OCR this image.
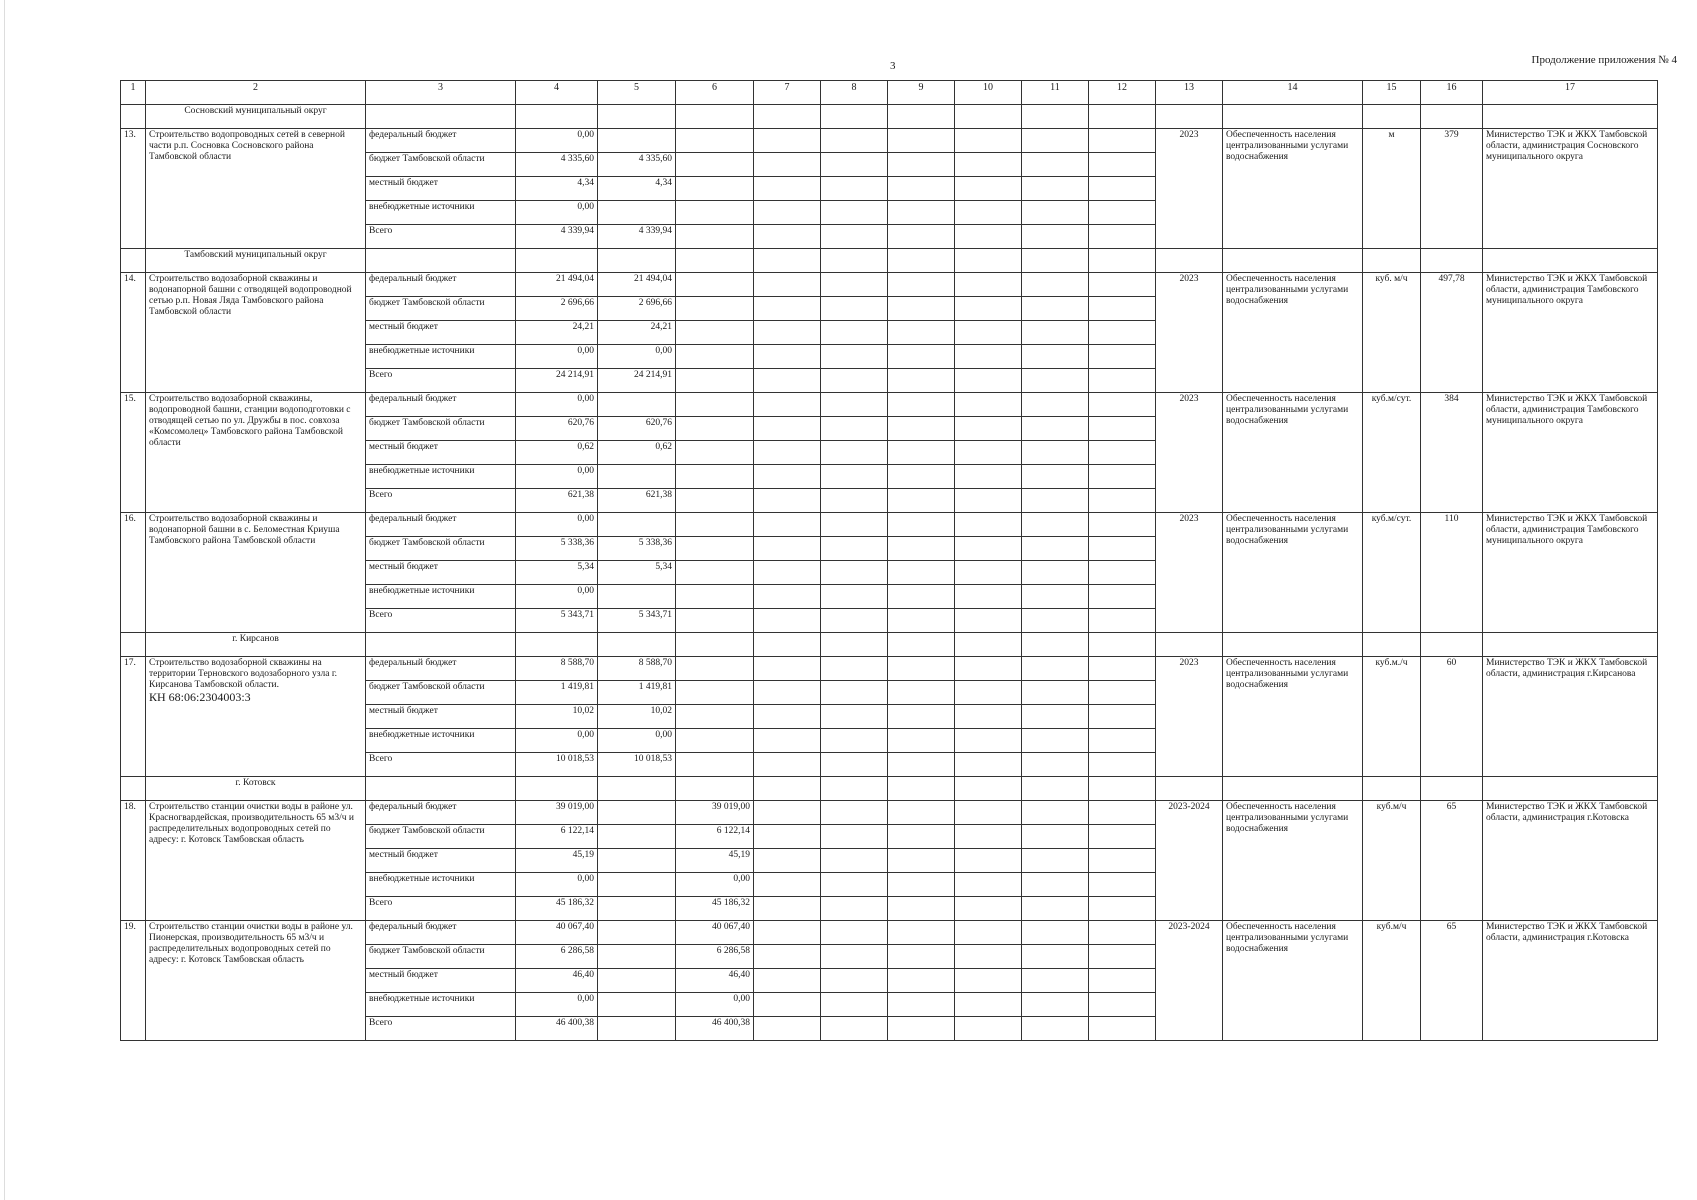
3	Продолжение приложения № 4
1	2	3	4	5	6	7	8	9	10	11	12	13	14	15	16	17
	Сосновский муниципальный округ															
13.	Строительство водопроводных сетей в северной части р.п. Сосновка Сосновского района Тамбовской области	федеральный бюджет	0,00									2023	Обеспеченность населения централизованными услугами водоснабжения	м	379	Министерство ТЭК и ЖКХ Тамбовской области, администрация Сосновского муниципального округа
		бюджет Тамбовской области	4 335,60	4 335,60												
		местный бюджет	4,34	4,34												
		внебюджетные источники	0,00													
		Всего	4 339,94	4 339,94												
	Тамбовский муниципальный округ															
14.	Строительство водозаборной скважины и водонапорной башни с отводящей водопроводной сетью р.п. Новая Ляда Тамбовского района Тамбовской области	федеральный бюджет	21 494,04	21 494,04								2023	Обеспеченность населения централизованными услугами водоснабжения	куб. м/ч	497,78	Министерство ТЭК и ЖКХ Тамбовской области, администрация Тамбовского муниципального округа
		бюджет Тамбовской области	2 696,66	2 696,66												
		местный бюджет	24,21	24,21												
		внебюджетные источники	0,00	0,00												
		Всего	24 214,91	24 214,91												
15.	Строительство водозаборной скважины, водопроводной башни, станции водоподготовки с отводящей сетью по ул. Дружбы в пос. совхоза «Комсомолец» Тамбовского района Тамбовской области	федеральный бюджет	0,00									2023	Обеспеченность населения централизованными услугами водоснабжения	куб.м/сут.	384	Министерство ТЭК и ЖКХ Тамбовской области, администрация Тамбовского муниципального округа
		бюджет Тамбовской области	620,76	620,76												
		местный бюджет	0,62	0,62												
		внебюджетные источники	0,00													
		Всего	621,38	621,38												
16.	Строительство водозаборной скважины и водонапорной башни в с. Беломестная Криуша Тамбовского района Тамбовской области	федеральный бюджет	0,00									2023	Обеспеченность населения централизованными услугами водоснабжения	куб.м/сут.	110	Министерство ТЭК и ЖКХ Тамбовской области, администрация Тамбовского муниципального округа
		бюджет Тамбовской области	5 338,36	5 338,36												
		местный бюджет	5,34	5,34												
		внебюджетные источники	0,00													
		Всего	5 343,71	5 343,71												
	г. Кирсанов															
17.	Строительство водозаборной скважины на территории Терновского водозаборного узла г. Кирсанова Тамбовской области.
КН 68:06:2304003:3	федеральный бюджет	8 588,70	8 588,70								2023	Обеспеченность населения централизованными услугами водоснабжения	куб.м./ч	60	Министерство ТЭК и ЖКХ Тамбовской области, администрация г.Кирсанова
		бюджет Тамбовской области	1 419,81	1 419,81												
		местный бюджет	10,02	10,02												
		внебюджетные источники	0,00	0,00												
		Всего	10 018,53	10 018,53												
	г. Котовск															
18.	Строительство станции очистки воды в районе ул. Красногвардейская, производительность 65 м3/ч и распределительных водопроводных сетей по адресу: г. Котовск Тамбовская область	федеральный бюджет	39 019,00		39 019,00							2023-2024	Обеспеченность населения централизованными услугами водоснабжения	куб.м/ч	65	Министерство ТЭК и ЖКХ Тамбовской области, администрация г.Котовска
		бюджет Тамбовской области	6 122,14		6 122,14											
		местный бюджет	45,19		45,19											
		внебюджетные источники	0,00		0,00											
		Всего	45 186,32		45 186,32											
19.	Строительство станции очистки воды в районе ул. Пионерская, производительность 65 м3/ч и распределительных водопроводных сетей по адресу: г. Котовск Тамбовская область	федеральный бюджет	40 067,40		40 067,40							2023-2024	Обеспеченность населения централизованными услугами водоснабжения	куб.м/ч	65	Министерство ТЭК и ЖКХ Тамбовской области, администрация г.Котовска
		бюджет Тамбовской области	6 286,58		6 286,58											
		местный бюджет	46,40		46,40											
		внебюджетные источники	0,00		0,00											
		Всего	46 400,38		46 400,38											
